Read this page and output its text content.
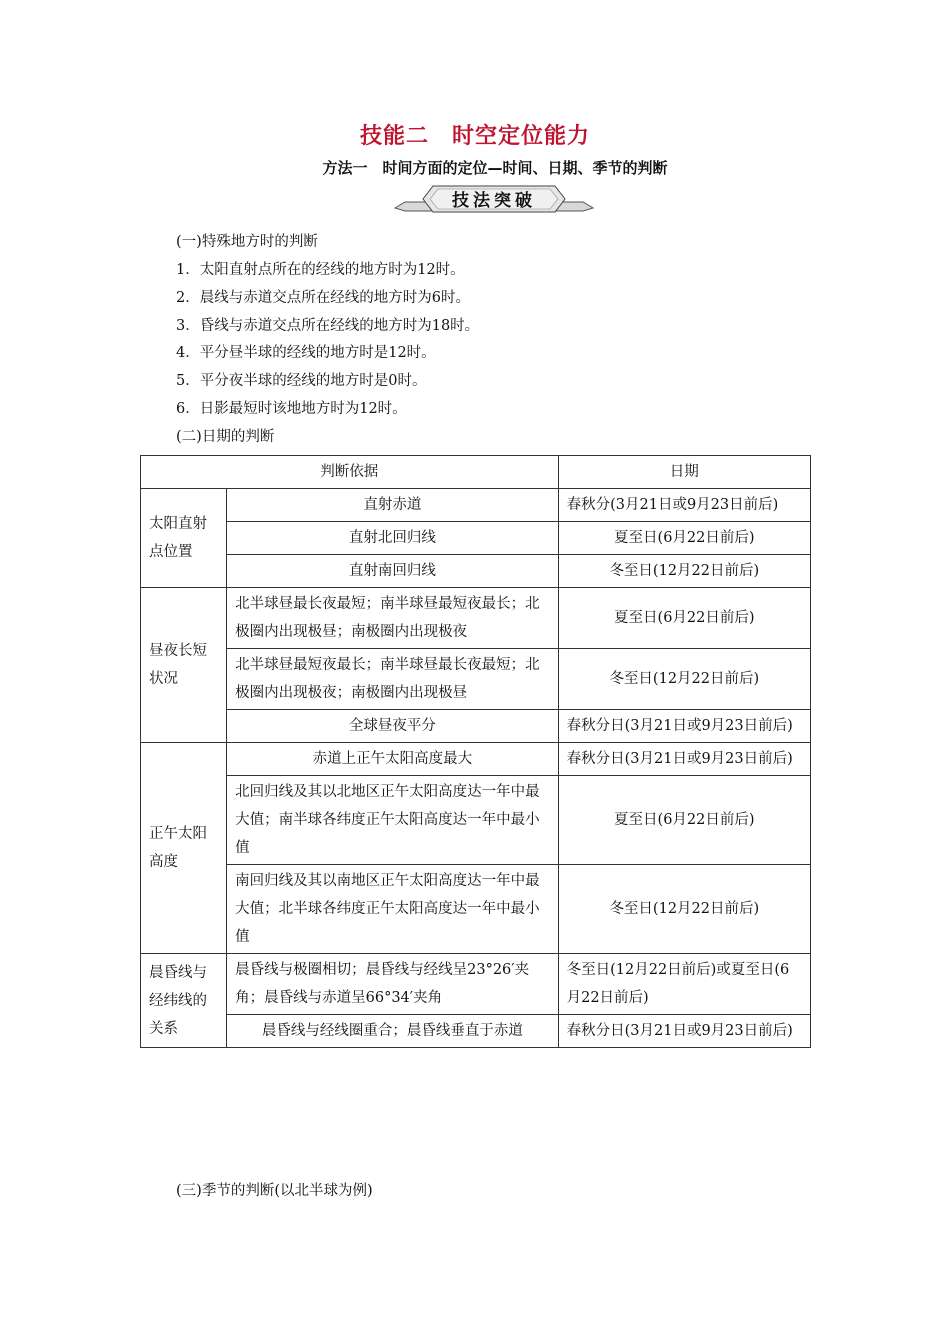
技能二　时空定位能力
方法一　时间方面的定位—时间、日期、季节的判断
技法突破
(一)特殊地方时的判断
1．太阳直射点所在的经线的地方时为12时。
2．晨线与赤道交点所在经线的地方时为6时。
3．昏线与赤道交点所在经线的地方时为18时。
4．平分昼半球的经线的地方时是12时。
5．平分夜半球的经线的地方时是0时。
6．日影最短时该地地方时为12时。
(二)日期的判断
判断依据		日期
太阳直射点位置	直射赤道	春秋分(3月21日或9月23日前后)
	直射北回归线	夏至日(6月22日前后)
	直射南回归线	冬至日(12月22日前后)
昼夜长短状况	北半球昼最长夜最短；南半球昼最短夜最长；北极圈内出现极昼；南极圈内出现极夜	夏至日(6月22日前后)
	北半球昼最短夜最长；南半球昼最长夜最短；北极圈内出现极夜；南极圈内出现极昼	冬至日(12月22日前后)
	全球昼夜平分	春秋分日(3月21日或9月23日前后)
正午太阳高度	赤道上正午太阳高度最大	春秋分日(3月21日或9月23日前后)
	北回归线及其以北地区正午太阳高度达一年中最大值；南半球各纬度正午太阳高度达一年中最小值	夏至日(6月22日前后)
	南回归线及其以南地区正午太阳高度达一年中最大值；北半球各纬度正午太阳高度达一年中最小值	冬至日(12月22日前后)
晨昏线与经纬线的关系	晨昏线与极圈相切；晨昏线与经线呈23°26′夹角；晨昏线与赤道呈66°34′夹角	冬至日(12月22日前后)或夏至日(6月22日前后)
	晨昏线与经线圈重合；晨昏线垂直于赤道	春秋分日(3月21日或9月23日前后)
(三)季节的判断(以北半球为例)
